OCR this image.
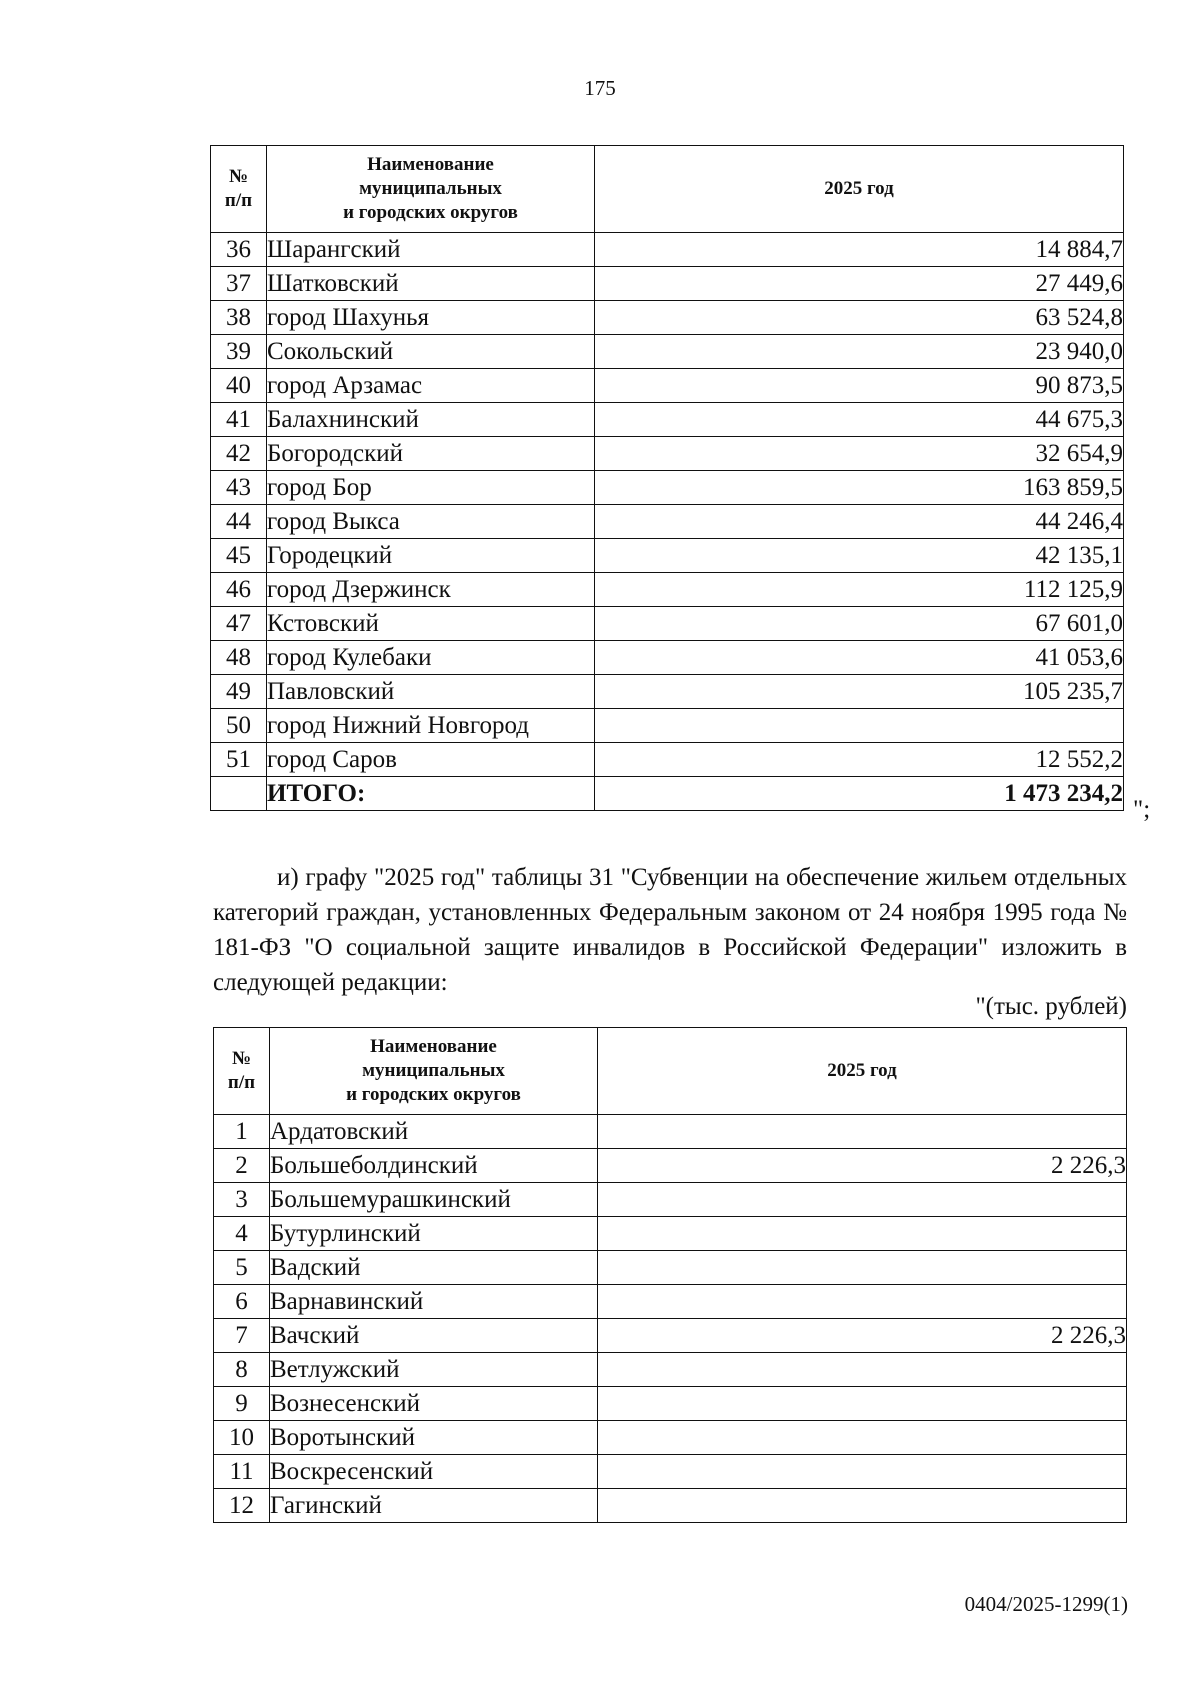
175
№
п/п	Наименование
муниципальных
и городских округов	2025 год
36	Шарангский	14 884,7
37	Шатковский	27 449,6
38	город Шахунья	63 524,8
39	Сокольский	23 940,0
40	город Арзамас	90 873,5
41	Балахнинский	44 675,3
42	Богородский	32 654,9
43	город Бор	163 859,5
44	город Выкса	44 246,4
45	Городецкий	42 135,1
46	город Дзержинск	112 125,9
47	Кстовский	67 601,0
48	город Кулебаки	41 053,6
49	Павловский	105 235,7
50	город Нижний Новгород	
51	город Саров	12 552,2
	ИТОГО:	1 473 234,2
";
и) графу "2025 год" таблицы 31 "Субвенции на обеспечение жильем отдельных категорий граждан, установленных Федеральным законом от 24 ноября 1995 года № 181-ФЗ "О социальной защите инвалидов в Российской Федерации" изложить в следующей редакции:
"(тыс. рублей)
№
п/п	Наименование
муниципальных
и городских округов	2025 год
1	Ардатовский	
2	Большеболдинский	2 226,3
3	Большемурашкинский	
4	Бутурлинский	
5	Вадский	
6	Варнавинский	
7	Вачский	2 226,3
8	Ветлужский	
9	Вознесенский	
10	Воротынский	
11	Воскресенский	
12	Гагинский	
0404/2025-1299(1)
